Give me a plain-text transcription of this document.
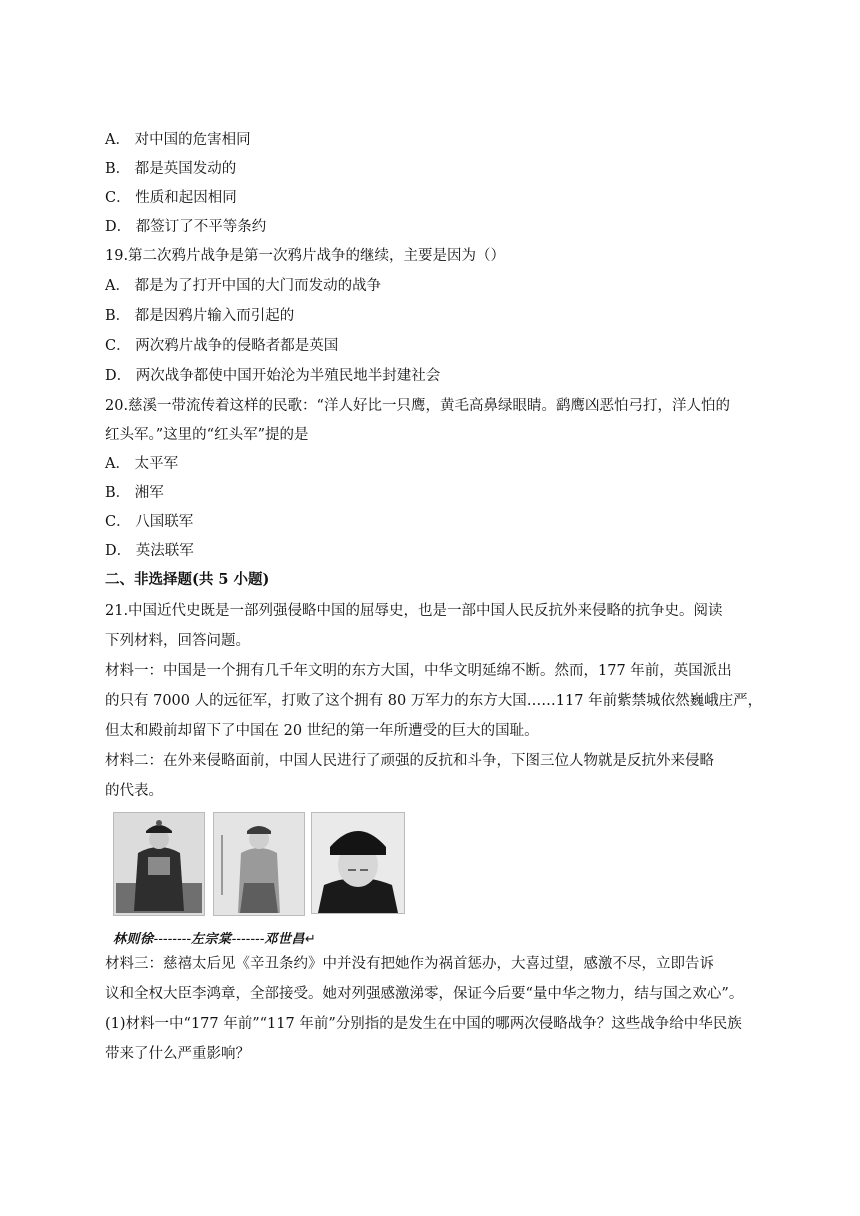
A． 对中国的危害相同
B． 都是英国发动的
C． 性质和起因相同
D． 都签订了不平等条约
19.第二次鸦片战争是第一次鸦片战争的继续，主要是因为（）
A． 都是为了打开中国的大门而发动的战争
B． 都是因鸦片输入而引起的
C． 两次鸦片战争的侵略者都是英国
D． 两次战争都使中国开始沦为半殖民地半封建社会
20.慈溪一带流传着这样的民歌：“洋人好比一只鹰，黄毛高鼻绿眼睛。鹞鹰凶恶怕弓打，洋人怕的
红头军。”这里的“红头军”提的是
A． 太平军
B． 湘军
C． 八国联军
D． 英法联军
二、非选择题(共 5 小题)
21.中国近代史既是一部列强侵略中国的屈辱史，也是一部中国人民反抗外来侵略的抗争史。阅读
下列材料，回答问题。
材料一：中国是一个拥有几千年文明的东方大国，中华文明延绵不断。然而，177 年前，英国派出
的只有 7000 人的远征军，打败了这个拥有 80 万军力的东方大国……117 年前紫禁城依然巍峨庄严，
但太和殿前却留下了中国在 20 世纪的第一年所遭受的巨大的国耻。
材料二：在外来侵略面前，中国人民进行了顽强的反抗和斗争，下图三位人物就是反抗外来侵略
的代表。
林则徐--------左宗棠-------邓世昌↵
材料三：慈禧太后见《辛丑条约》中并没有把她作为祸首惩办，大喜过望，感激不尽，立即告诉
议和全权大臣李鸿章，全部接受。她对列强感激涕零，保证今后要“量中华之物力，结与国之欢心”。
(1)材料一中“177 年前”“117 年前”分别指的是发生在中国的哪两次侵略战争？这些战争给中华民族
带来了什么严重影响？
